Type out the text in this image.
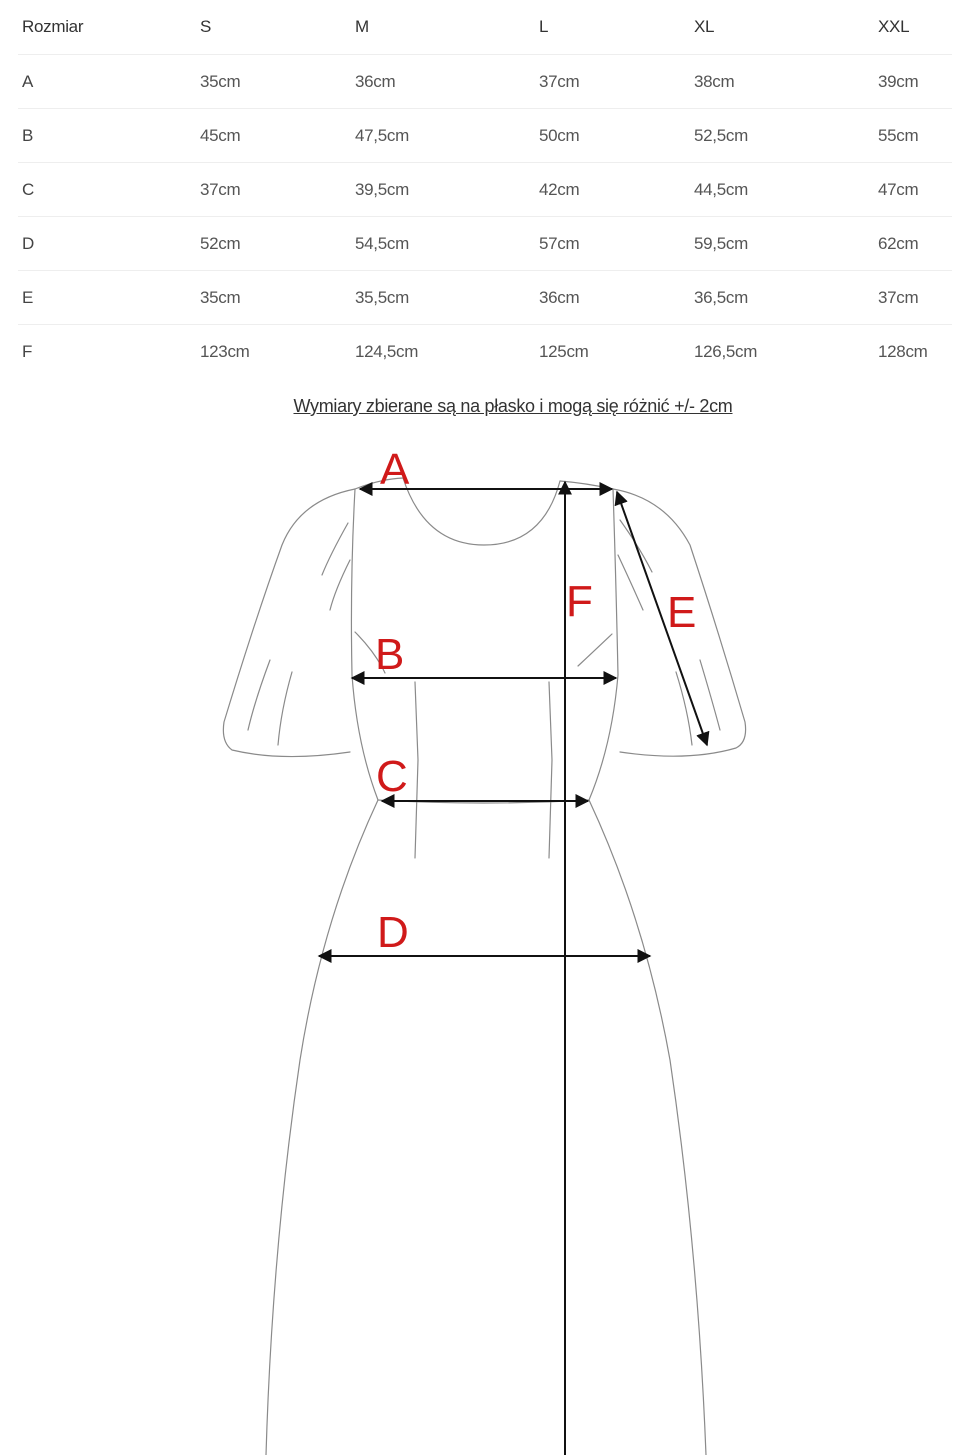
Rozmiar	S	M	L	XL	XXL
A	35cm	36cm	37cm	38cm	39cm
B	45cm	47,5cm	50cm	52,5cm	55cm
C	37cm	39,5cm	42cm	44,5cm	47cm
D	52cm	54,5cm	57cm	59,5cm	62cm
E	35cm	35,5cm	36cm	36,5cm	37cm
F	123cm	124,5cm	125cm	126,5cm	128cm
Wymiary zbierane są na płasko i mogą się różnić +/- 2cm
A
B
C
D
E
F
